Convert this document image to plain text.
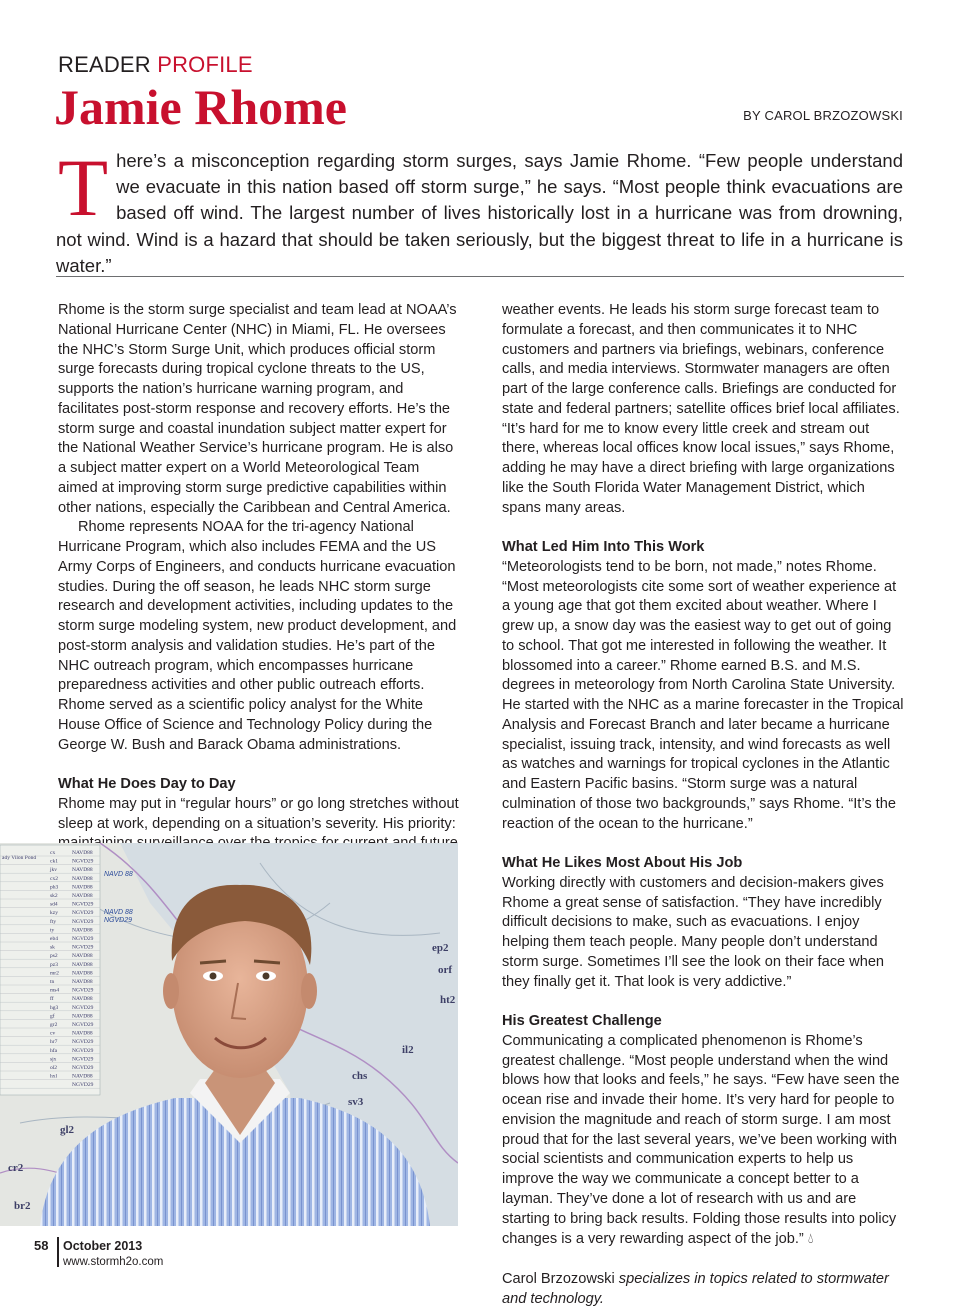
READER PROFILE
Jamie Rhome	BY CAROL BRZOZOWSKI
There’s a misconception regarding storm surges, says Jamie Rhome. “Few people understand we evacuate in this nation based off storm surge,” he says. “Most people think evacuations are based off wind. The largest number of lives historically lost in a hurricane was from drowning, not wind. Wind is a hazard that should be taken seriously, but the biggest threat to life in a hurricane is water.”

Rhome is the storm surge specialist and team lead at NOAA’s National Hurricane Center (NHC) in Miami, FL. He oversees the NHC’s Storm Surge Unit, which produces official storm surge forecasts during tropical cyclone threats to the US, supports the nation’s hurricane warning program, and facilitates post-storm response and recovery efforts. He’s the storm surge and coastal inundation subject matter expert for the National Weather Service’s hurricane program. He is also a subject matter expert on a World Meteorological Team aimed at improving storm surge predictive capabilities within other nations, especially the Caribbean and Central America.

Rhome represents NOAA for the tri-agency National Hurricane Program, which also includes FEMA and the US Army Corps of Engineers, and conducts hurricane evacuation studies. During the off season, he leads NHC storm surge research and development activities, including updates to the storm surge modeling system, new product development, and post-storm analysis and validation studies. He’s part of the NHC outreach program, which encompasses hurricane preparedness activities and other public outreach efforts. Rhome served as a scientific policy analyst for the White House Office of Science and Technology Policy during the George W. Bush and Barack Obama administrations.

What He Does Day to Day

Rhome may put in “regular hours” or go long stretches without sleep at work, depending on a situation’s severity. His priority:

weather events. He leads his storm surge forecast team to formulate a forecast, and then communicates it to NHC customers and partners via briefings, webinars, conference calls, and media interviews. Stormwater managers are often part of the large conference calls. Briefings are conducted for state and federal partners; satellite offices brief local affiliates. “It’s hard for me to know every little creek and stream out there, whereas local offices know local issues,” says Rhome, adding he may have a direct briefing with large organizations like the South Florida Water Management District, which spans many areas.

What Led Him Into This Work

“Meteorologists tend to be born, not made,” notes Rhome. “Most meteorologists cite some sort of weather experience at a young age that got them excited about weather. Where I grew up, a snow day was the easiest way to get out of going to school. That got me interested in following the weather. It blossomed into a career.” Rhome earned B.S. and M.S. degrees in meteorology from North Carolina State University. He started with the NHC as a marine forecaster in the Tropical Analysis and Forecast Branch and later became a hurricane specialist, issuing track, intensity, and wind forecasts as well as watches and warnings for tropical cyclones in the Atlantic and Eastern Pacific basins. “Storm surge was a natural culmination of those two backgrounds,” says Rhome. “It’s the reaction of the ocean to the hurricane.”

What He Likes Most About His Job

Working directly with customers and decision-makers gives Rhome a great sense of satisfaction. “They have incredibly difficult decisions to make, such as evacuations. I enjoy helping them teach people. Many people don’t understand storm surge. Sometimes I’ll see the look on their face when they finally get it. That look is very addictive.”

His Greatest Challenge

Communicating a complicated phenomenon is Rhome’s greatest challenge. “Most people understand when the wind blows how that looks and feels,” he says. “Few have seen the ocean rise and invade their home. It’s very hard for people to envision the magnitude and reach of storm surge. I am most proud that for the last several years, we’ve been working with social scientists and communication experts to help us improve the way we communicate a concept better to a layman. They’ve done a lot of research with us and are starting to bring back results. Folding those results into policy changes is a very rewarding aspect of the job.” 💧︎

Carol Brzozowski specializes in topics related to stormwater and technology.

ady Vilon Pond
cx	NAVD88
ck1	NGVD29
jkv	NAVD88
cx2	NAVD88
ph3	NAVD88
sk2	NAVD88
sd4	NGVD29
kzy	NGVD29
fty	NGVD29
ty	NAVD88
eb4	NGVD29
sk	NGVD29
ps2	NAVD88
pz3	NAVD88
mr2 NAVD88
tn	NAVD88
ms4 NGVD29
ff	NAVD88
hg3	NGVD29
gf	NAVD88
gr2	NGVD29
cv	NAVD88
hr7	NGVD29
hfa	NGVD29
sjx	NGVD29
ol2	NGVD29
hxl	NAVD88
NGVD29
ep2
orf
ht2
il2
chs
sv3
gl2
cr2
br2
NAVD 88
NAVD 88
NGVD29
58 October 2013
www.stormh2o.com
